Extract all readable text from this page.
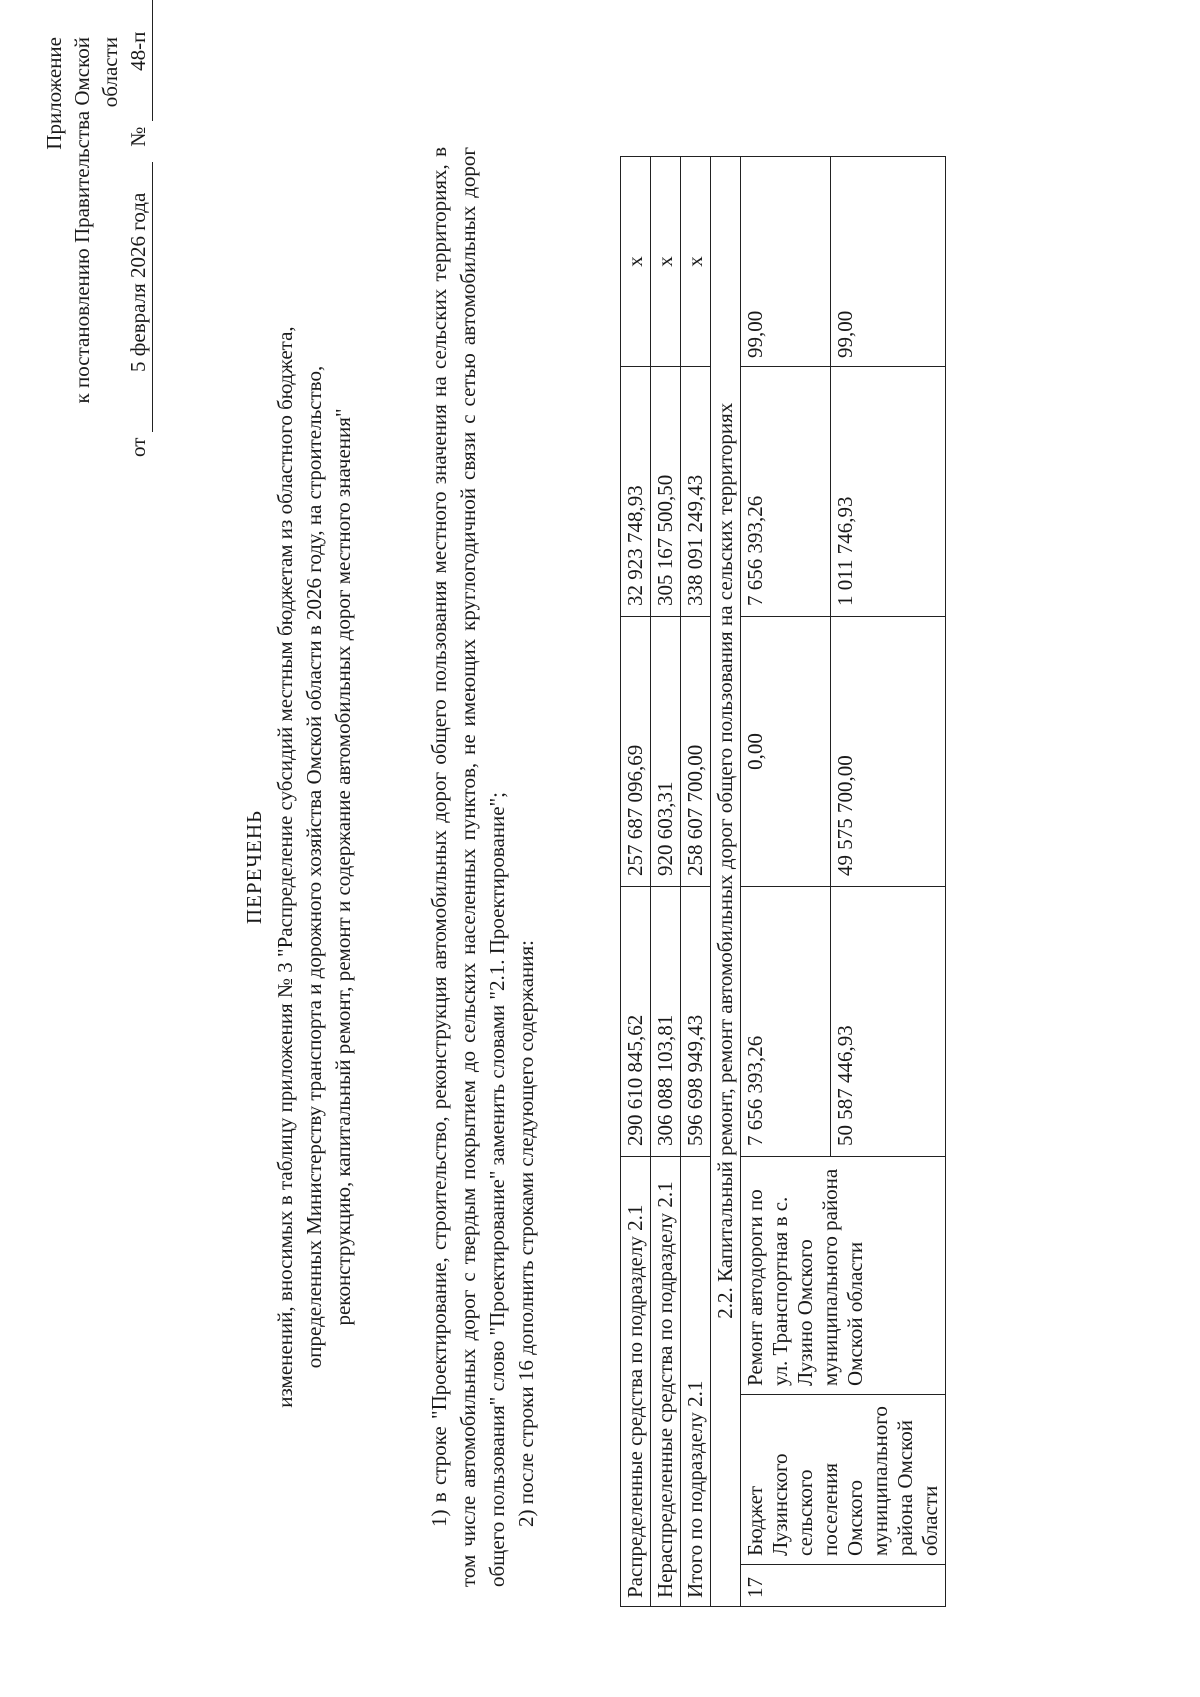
Приложение к постановлению Правительства Омской области
от  5 февраля 2026 года   № 48-п
ПЕРЕЧЕНЬ изменений, вносимых в таблицу приложения № 3 "Распределение субсидий местным бюджетам из областного бюджета, определенных Министерству транспорта и дорожного хозяйства Омской области в 2026 году, на строительство, реконструкцию, капитальный ремонт, ремонт и содержание автомобильных дорог местного значения"	1) в строке "Проектирование, строительство, реконструкция автомобильных дорог общего пользования местного значения на сельских территориях, в том числе автомобильных дорог с твердым покрытием до сельских населенных пунктов, не имеющих круглогодичной связи с сетью автомобильных дорог общего пользования" слово "Проектирование" заменить словами "2.1. Проектирование"; 2) после строки 16 дополнить строками следующего содержания:	Распределенные средства по подразделу 2.1			290 610 845,62	257 687 096,69	32 923 748,93	x
Нераспределенные средства по подразделу 2.1			306 088 103,81	920 603,31	305 167 500,50	x
Итого по подразделу 2.1			596 698 949,43	258 607 700,00	338 091 249,43	x
	2.2. Капитальный ремонт, ремонт автомобильных дорог общего пользования на сельских территориях					
17	Бюджет Лузинского сельского поселения Омского муниципального района Омской области	Ремонт автодороги по ул. Транспортная в с. Лузино Омского муниципального района Омской области	7 656 393,26	0,00	7 656 393,26	99,00
			50 587 446,93	49 575 700,00	1 011 746,93	99,00
